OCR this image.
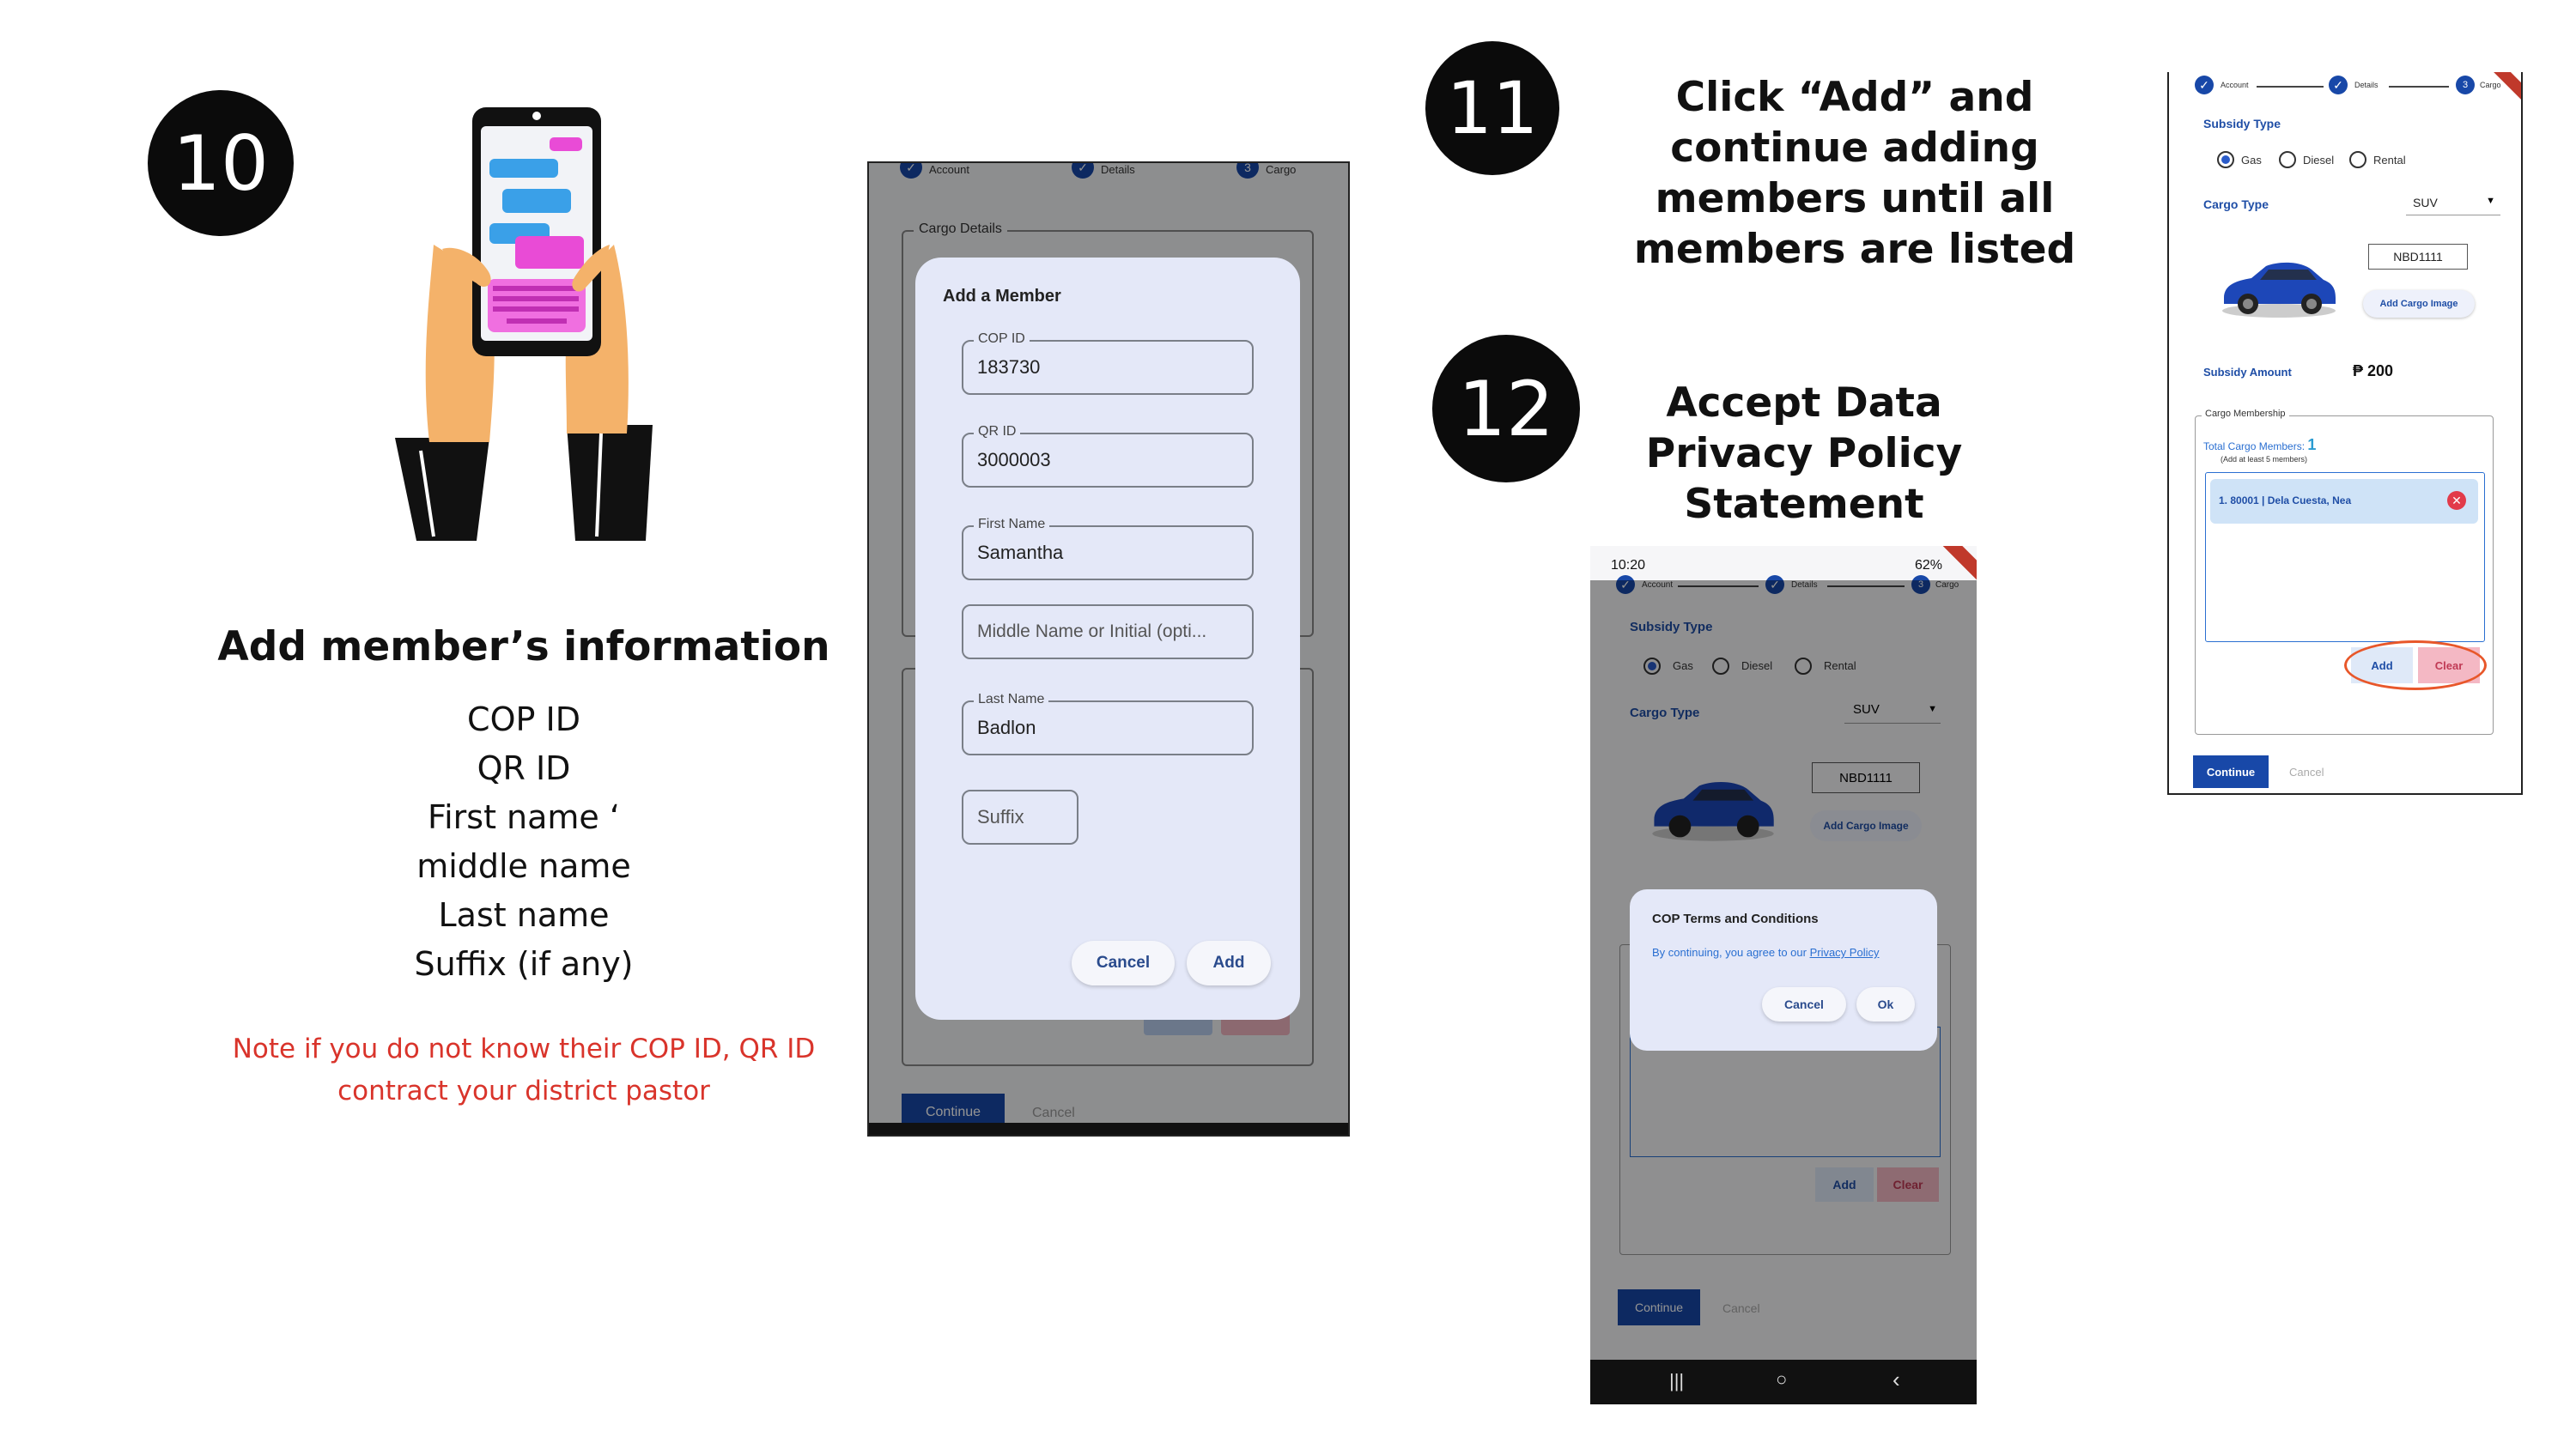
10
Add member’s information
COP ID
QR ID
First name ‘
middle name
Last name
Suffix (if any)
Note if you do not know their COP ID, QR ID contract your district pastor
✓	Account	✓	Details	3	Cargo
Cargo Details
Continue	Cancel
Add a Member
COP ID
183730
QR ID
3000003
First Name
Samantha
Middle Name or Initial (opti...
Last Name
Badlon
Suffix
Cancel	Add
11	Click “Add” and continue adding members until all members are listed
✓	Account	✓	Details	3 Cargo
Subsidy Type
Gas	Diesel	Rental
Cargo Type	SUV	▼
NBD1111
Add Cargo Image
Subsidy Amount	₱ 200
Cargo Membership
Total Cargo Members: 1
(Add at least 5 members)
1. 80001 | Dela Cuesta, Nea	✕
Add	Clear
Continue	Cancel
12	Accept Data Privacy Policy Statement
10:20	62%
✓	Account	✓	Details	3 Cargo
Subsidy Type
Gas	Diesel	Rental
Cargo Type	SUV	▼
NBD1111
Add Cargo Image
Add	Clear
Continue	Cancel
COP Terms and Conditions
By continuing, you agree to our Privacy Policy
Cancel	Ok
|||	○	‹
